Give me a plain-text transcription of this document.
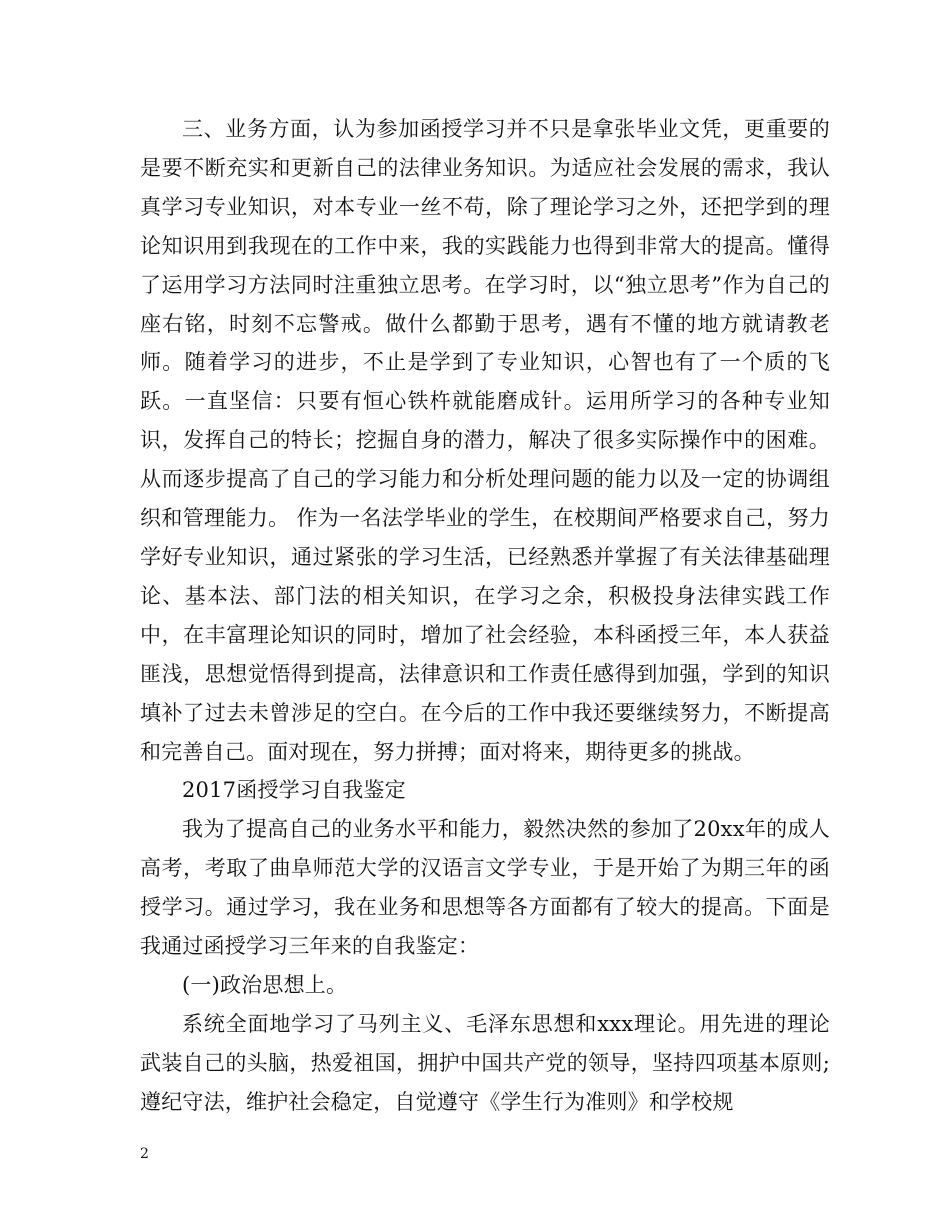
三、业务方面，认为参加函授学习并不只是拿张毕业文凭，更重要的是要不断充实和更新自己的法律业务知识。为适应社会发展的需求，我认真学习专业知识，对本专业一丝不苟，除了理论学习之外，还把学到的理论知识用到我现在的工作中来，我的实践能力也得到非常大的提高。懂得了运用学习方法同时注重独立思考。在学习时，以“独立思考”作为自己的座右铭，时刻不忘警戒。做什么都勤于思考，遇有不懂的地方就请教老师。随着学习的进步，不止是学到了专业知识，心智也有了一个质的飞跃。一直坚信：只要有恒心铁杵就能磨成针。运用所学习的各种专业知识，发挥自己的特长；挖掘自身的潜力，解决了很多实际操作中的困难。从而逐步提高了自己的学习能力和分析处理问题的能力以及一定的协调组织和管理能力。 作为一名法学毕业的学生，在校期间严格要求自己，努力学好专业知识，通过紧张的学习生活，已经熟悉并掌握了有关法律基础理论、基本法、部门法的相关知识，在学习之余，积极投身法律实践工作中，在丰富理论知识的同时，增加了社会经验，本科函授三年，本人获益匪浅，思想觉悟得到提高，法律意识和工作责任感得到加强，学到的知识填补了过去未曾涉足的空白。在今后的工作中我还要继续努力，不断提高和完善自己。面对现在，努力拼搏；面对将来，期待更多的挑战。

2017函授学习自我鉴定

我为了提高自己的业务水平和能力，毅然决然的参加了20xx年的成人高考，考取了曲阜师范大学的汉语言文学专业，于是开始了为期三年的函授学习。通过学习，我在业务和思想等各方面都有了较大的提高。下面是我通过函授学习三年来的自我鉴定：

(一)政治思想上。

系统全面地学习了马列主义、毛泽东思想和xxx理论。用先进的理论武装自己的头脑，热爱祖国，拥护中国共产党的领导，坚持四项基本原则;遵纪守法，维护社会稳定，自觉遵守《学生行为准则》和学校规

2
